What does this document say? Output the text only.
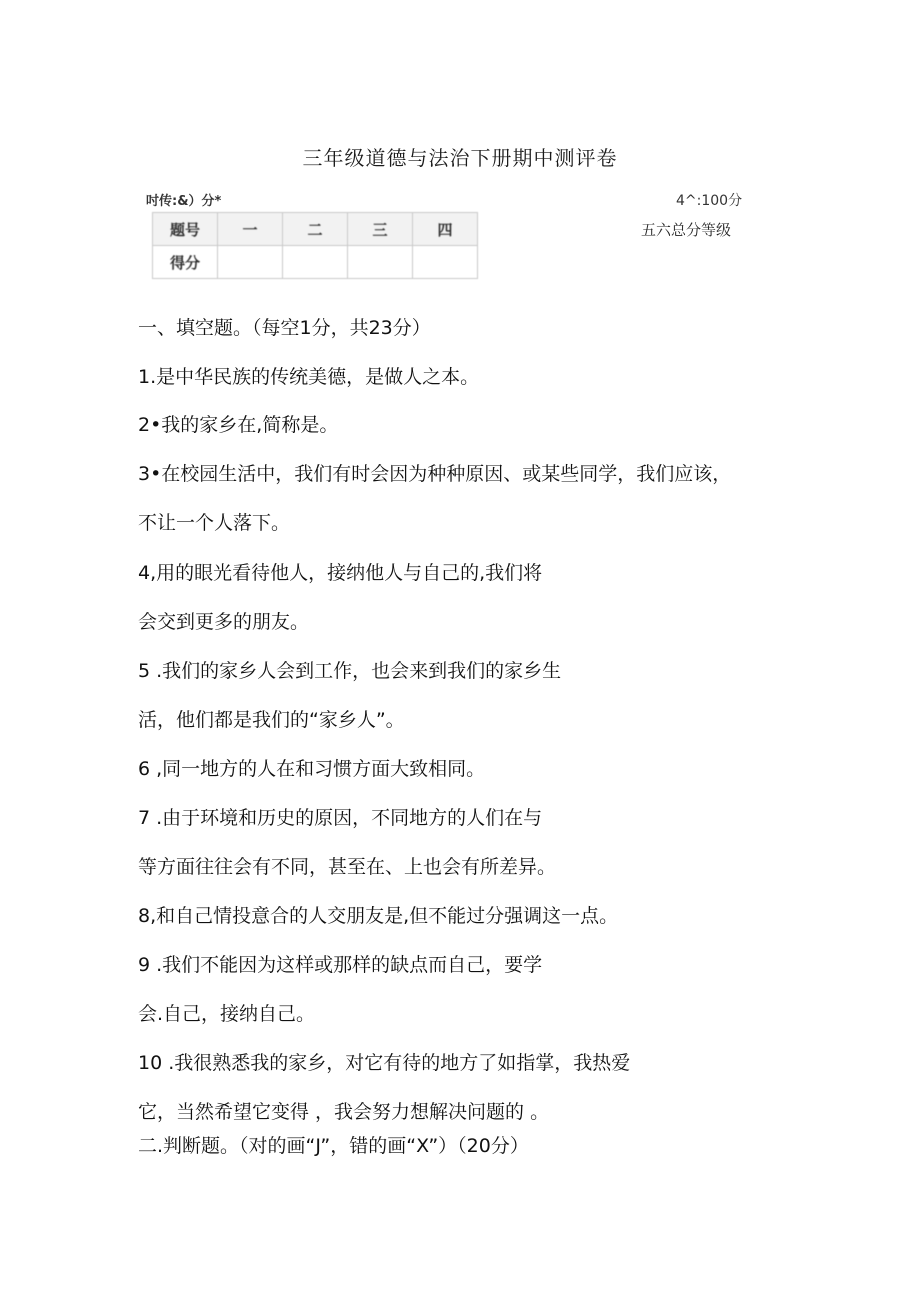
三年级道德与法治下册期中测评卷
吋传:&）分*	4^:100分
五六总分等级
题号	一	二	三	四
得分				
一、填空题。（每空1分，共23分）
1.是中华民族的传统美德，是做人之本。
2•我的家乡在,简称是。
3•在校园生活中，我们有时会因为种种原因、或某些同学，我们应该，
不让一个人落下。
4,用的眼光看待他人，接纳他人与自己的,我们将
会交到更多的朋友。
5 .我们的家乡人会到工作，也会来到我们的家乡生
活，他们都是我们的“家乡人”。
6 ,同一地方的人在和习惯方面大致相同。
7 .由于环境和历史的原因，不同地方的人们在与
等方面往往会有不同，甚至在、上也会有所差异。
8,和自己情投意合的人交朋友是,但不能过分强调这一点。
9 .我们不能因为这样或那样的缺点而自己，要学
会.自己，接纳自己。
10 .我很熟悉我的家乡，对它有待的地方了如指掌，我热爱
它，当然希望它变得 ，我会努力想解决问题的 。
二.判断题。（对的画“J”，错的画“X”）（20分）
